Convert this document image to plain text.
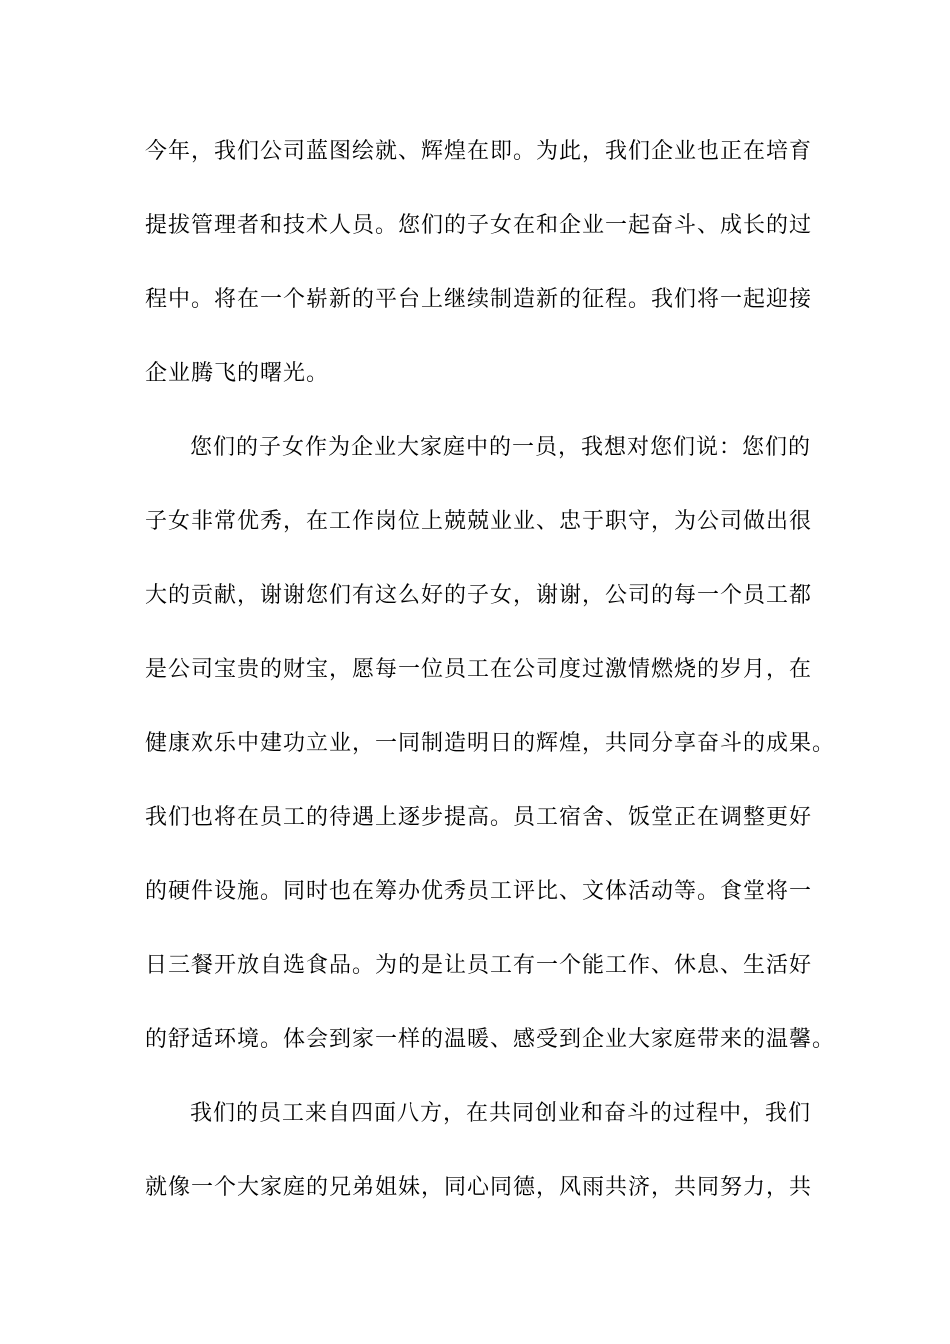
今年，我们公司蓝图绘就、辉煌在即。为此，我们企业也正在培育
提拔管理者和技术人员。您们的子女在和企业一起奋斗、成长的过
程中。将在一个崭新的平台上继续制造新的征程。我们将一起迎接
企业腾飞的曙光。
您们的子女作为企业大家庭中的一员，我想对您们说：您们的
子女非常优秀，在工作岗位上兢兢业业、忠于职守，为公司做出很
大的贡献，谢谢您们有这么好的子女，谢谢，公司的每一个员工都
是公司宝贵的财宝，愿每一位员工在公司度过激情燃烧的岁月，在
健康欢乐中建功立业，一同制造明日的辉煌，共同分享奋斗的成果。
我们也将在员工的待遇上逐步提高。员工宿舍、饭堂正在调整更好
的硬件设施。同时也在筹办优秀员工评比、文体活动等。食堂将一
日三餐开放自选食品。为的是让员工有一个能工作、休息、生活好
的舒适环境。体会到家一样的温暖、感受到企业大家庭带来的温馨。
我们的员工来自四面八方，在共同创业和奋斗的过程中，我们
就像一个大家庭的兄弟姐妹，同心同德，风雨共济，共同努力，共
